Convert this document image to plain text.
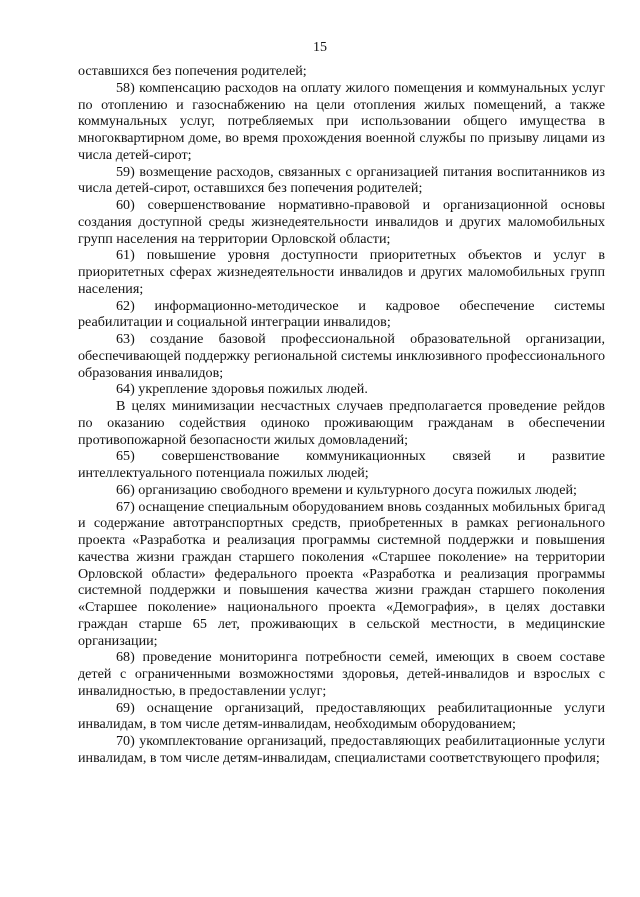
15

оставшихся без попечения родителей;

58) компенсацию расходов на оплату жилого помещения и коммунальных услуг по отоплению и газоснабжению на цели отопления жилых помещений, а также коммунальных услуг, потребляемых при использовании общего имущества в многоквартирном доме, во время прохождения военной службы по призыву лицами из числа детей-сирот;

59) возмещение расходов, связанных с организацией питания воспитанников из числа детей-сирот, оставшихся без попечения родителей;

60) совершенствование нормативно-правовой и организационной основы создания доступной среды жизнедеятельности инвалидов и других маломобильных групп населения на территории Орловской области;

61) повышение уровня доступности приоритетных объектов и услуг в приоритетных сферах жизнедеятельности инвалидов и других маломобильных групп населения;

62) информационно-методическое и кадровое обеспечение системы реабилитации и социальной интеграции инвалидов;

63) создание базовой профессиональной образовательной организации, обеспечивающей поддержку региональной системы инклюзивного профессионального образования инвалидов;

64) укрепление здоровья пожилых людей.

В целях минимизации несчастных случаев предполагается проведение рейдов по оказанию содействия одиноко проживающим гражданам в обеспечении противопожарной безопасности жилых домовладений;

65) совершенствование коммуникационных связей и развитие интеллектуального потенциала пожилых людей;

66) организацию свободного времени и культурного досуга пожилых людей;

67) оснащение специальным оборудованием вновь созданных мобильных бригад и содержание автотранспортных средств, приобретенных в рамках регионального проекта «Разработка и реализация программы системной поддержки и повышения качества жизни граждан старшего поколения «Старшее поколение» на территории Орловской области» федерального проекта «Разработка и реализация программы системной поддержки и повышения качества жизни граждан старшего поколения «Старшее поколение» национального проекта «Демография», в целях доставки граждан старше 65 лет, проживающих в сельской местности, в медицинские организации;

68) проведение мониторинга потребности семей, имеющих в своем составе детей с ограниченными возможностями здоровья, детей-инвалидов и взрослых с инвалидностью, в предоставлении услуг;

69) оснащение организаций, предоставляющих реабилитационные услуги инвалидам, в том числе детям-инвалидам, необходимым оборудованием;

70) укомплектование организаций, предоставляющих реабилитационные услуги инвалидам, в том числе детям-инвалидам, специалистами соответствующего профиля;
